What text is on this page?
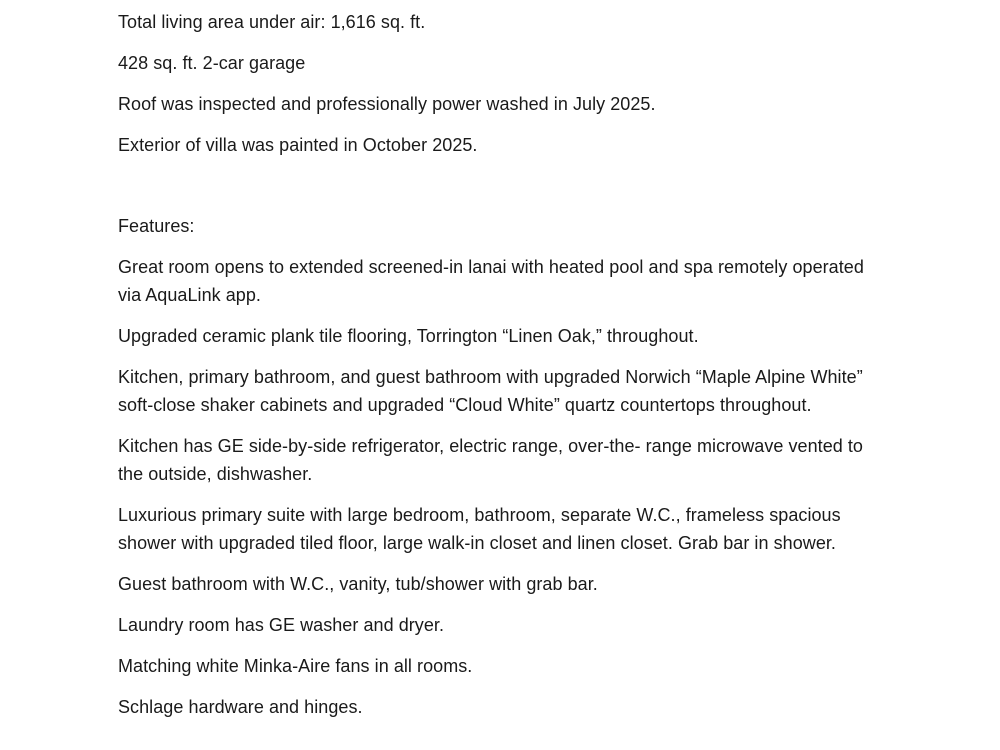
Total living area under air: 1,616 sq. ft.

428 sq. ft. 2-car garage

Roof was inspected and professionally power washed in July 2025.

Exterior of villa was painted in October 2025.

Features:

Great room opens to extended screened-in lanai with heated pool and spa remotely operated via AquaLink app.

Upgraded ceramic plank tile flooring, Torrington “Linen Oak,” throughout.

Kitchen, primary bathroom, and guest bathroom with upgraded Norwich “Maple Alpine White” soft-close shaker cabinets and upgraded “Cloud White” quartz countertops throughout.

Kitchen has GE side-by-side refrigerator, electric range, over-the- range microwave vented to the outside, dishwasher.

Luxurious primary suite with large bedroom, bathroom, separate W.C., frameless spacious shower with upgraded tiled floor, large walk-in closet and linen closet. Grab bar in shower.

Guest bathroom with W.C., vanity, tub/shower with grab bar.

Laundry room has GE washer and dryer.

Matching white Minka-Aire fans in all rooms.

Schlage hardware and hinges.
